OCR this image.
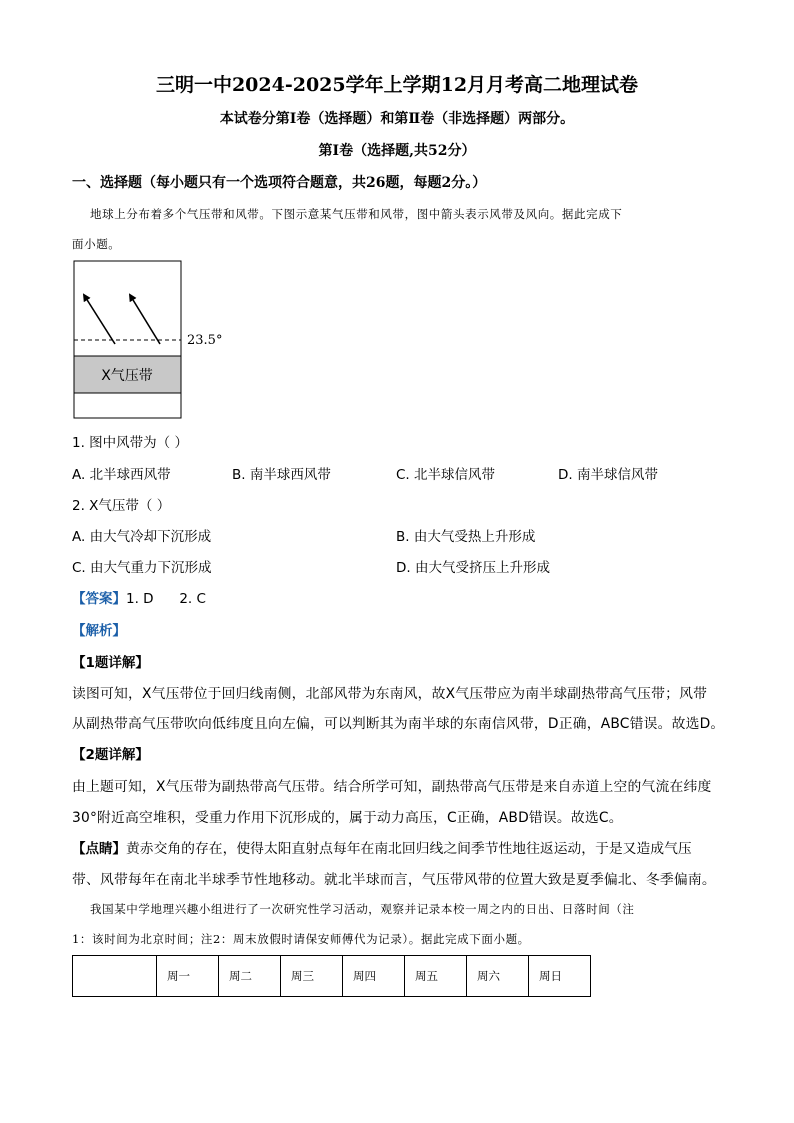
三明一中2024-2025学年上学期12月月考高二地理试卷
本试卷分第Ⅰ卷（选择题）和第Ⅱ卷（非选择题）两部分。
第Ⅰ卷（选择题,共52分）
一、选择题（每小题只有一个选项符合题意，共26题，每题2分。）
地球上分布着多个气压带和风带。下图示意某气压带和风带，图中箭头表示风带及风向。据此完成下
面小题。
X气压带
23.5°
1. 图中风带为（ ）
A. 北半球西风带	B. 南半球西风带	C. 北半球信风带	D. 南半球信风带
2. X气压带（ ）
A. 由大气冷却下沉形成	B. 由大气受热上升形成
C. 由大气重力下沉形成	D. 由大气受挤压上升形成
【答案】1. D      2. C
【解析】
【1题详解】
读图可知，X气压带位于回归线南侧，北部风带为东南风，故X气压带应为南半球副热带高气压带；风带
从副热带高气压带吹向低纬度且向左偏，可以判断其为南半球的东南信风带，D正确，ABC错误。故选D。
【2题详解】
由上题可知，X气压带为副热带高气压带。结合所学可知，副热带高气压带是来自赤道上空的气流在纬度
30°附近高空堆积，受重力作用下沉形成的，属于动力高压，C正确，ABD错误。故选C。
【点睛】黄赤交角的存在，使得太阳直射点每年在南北回归线之间季节性地往返运动，于是又造成气压
带、风带每年在南北半球季节性地移动。就北半球而言，气压带风带的位置大致是夏季偏北、冬季偏南。
我国某中学地理兴趣小组进行了一次研究性学习活动，观察并记录本校一周之内的日出、日落时间（注
1：该时间为北京时间；注2：周末放假时请保安师傅代为记录）。据此完成下面小题。
	周一	周二	周三	周四	周五	周六	周日
